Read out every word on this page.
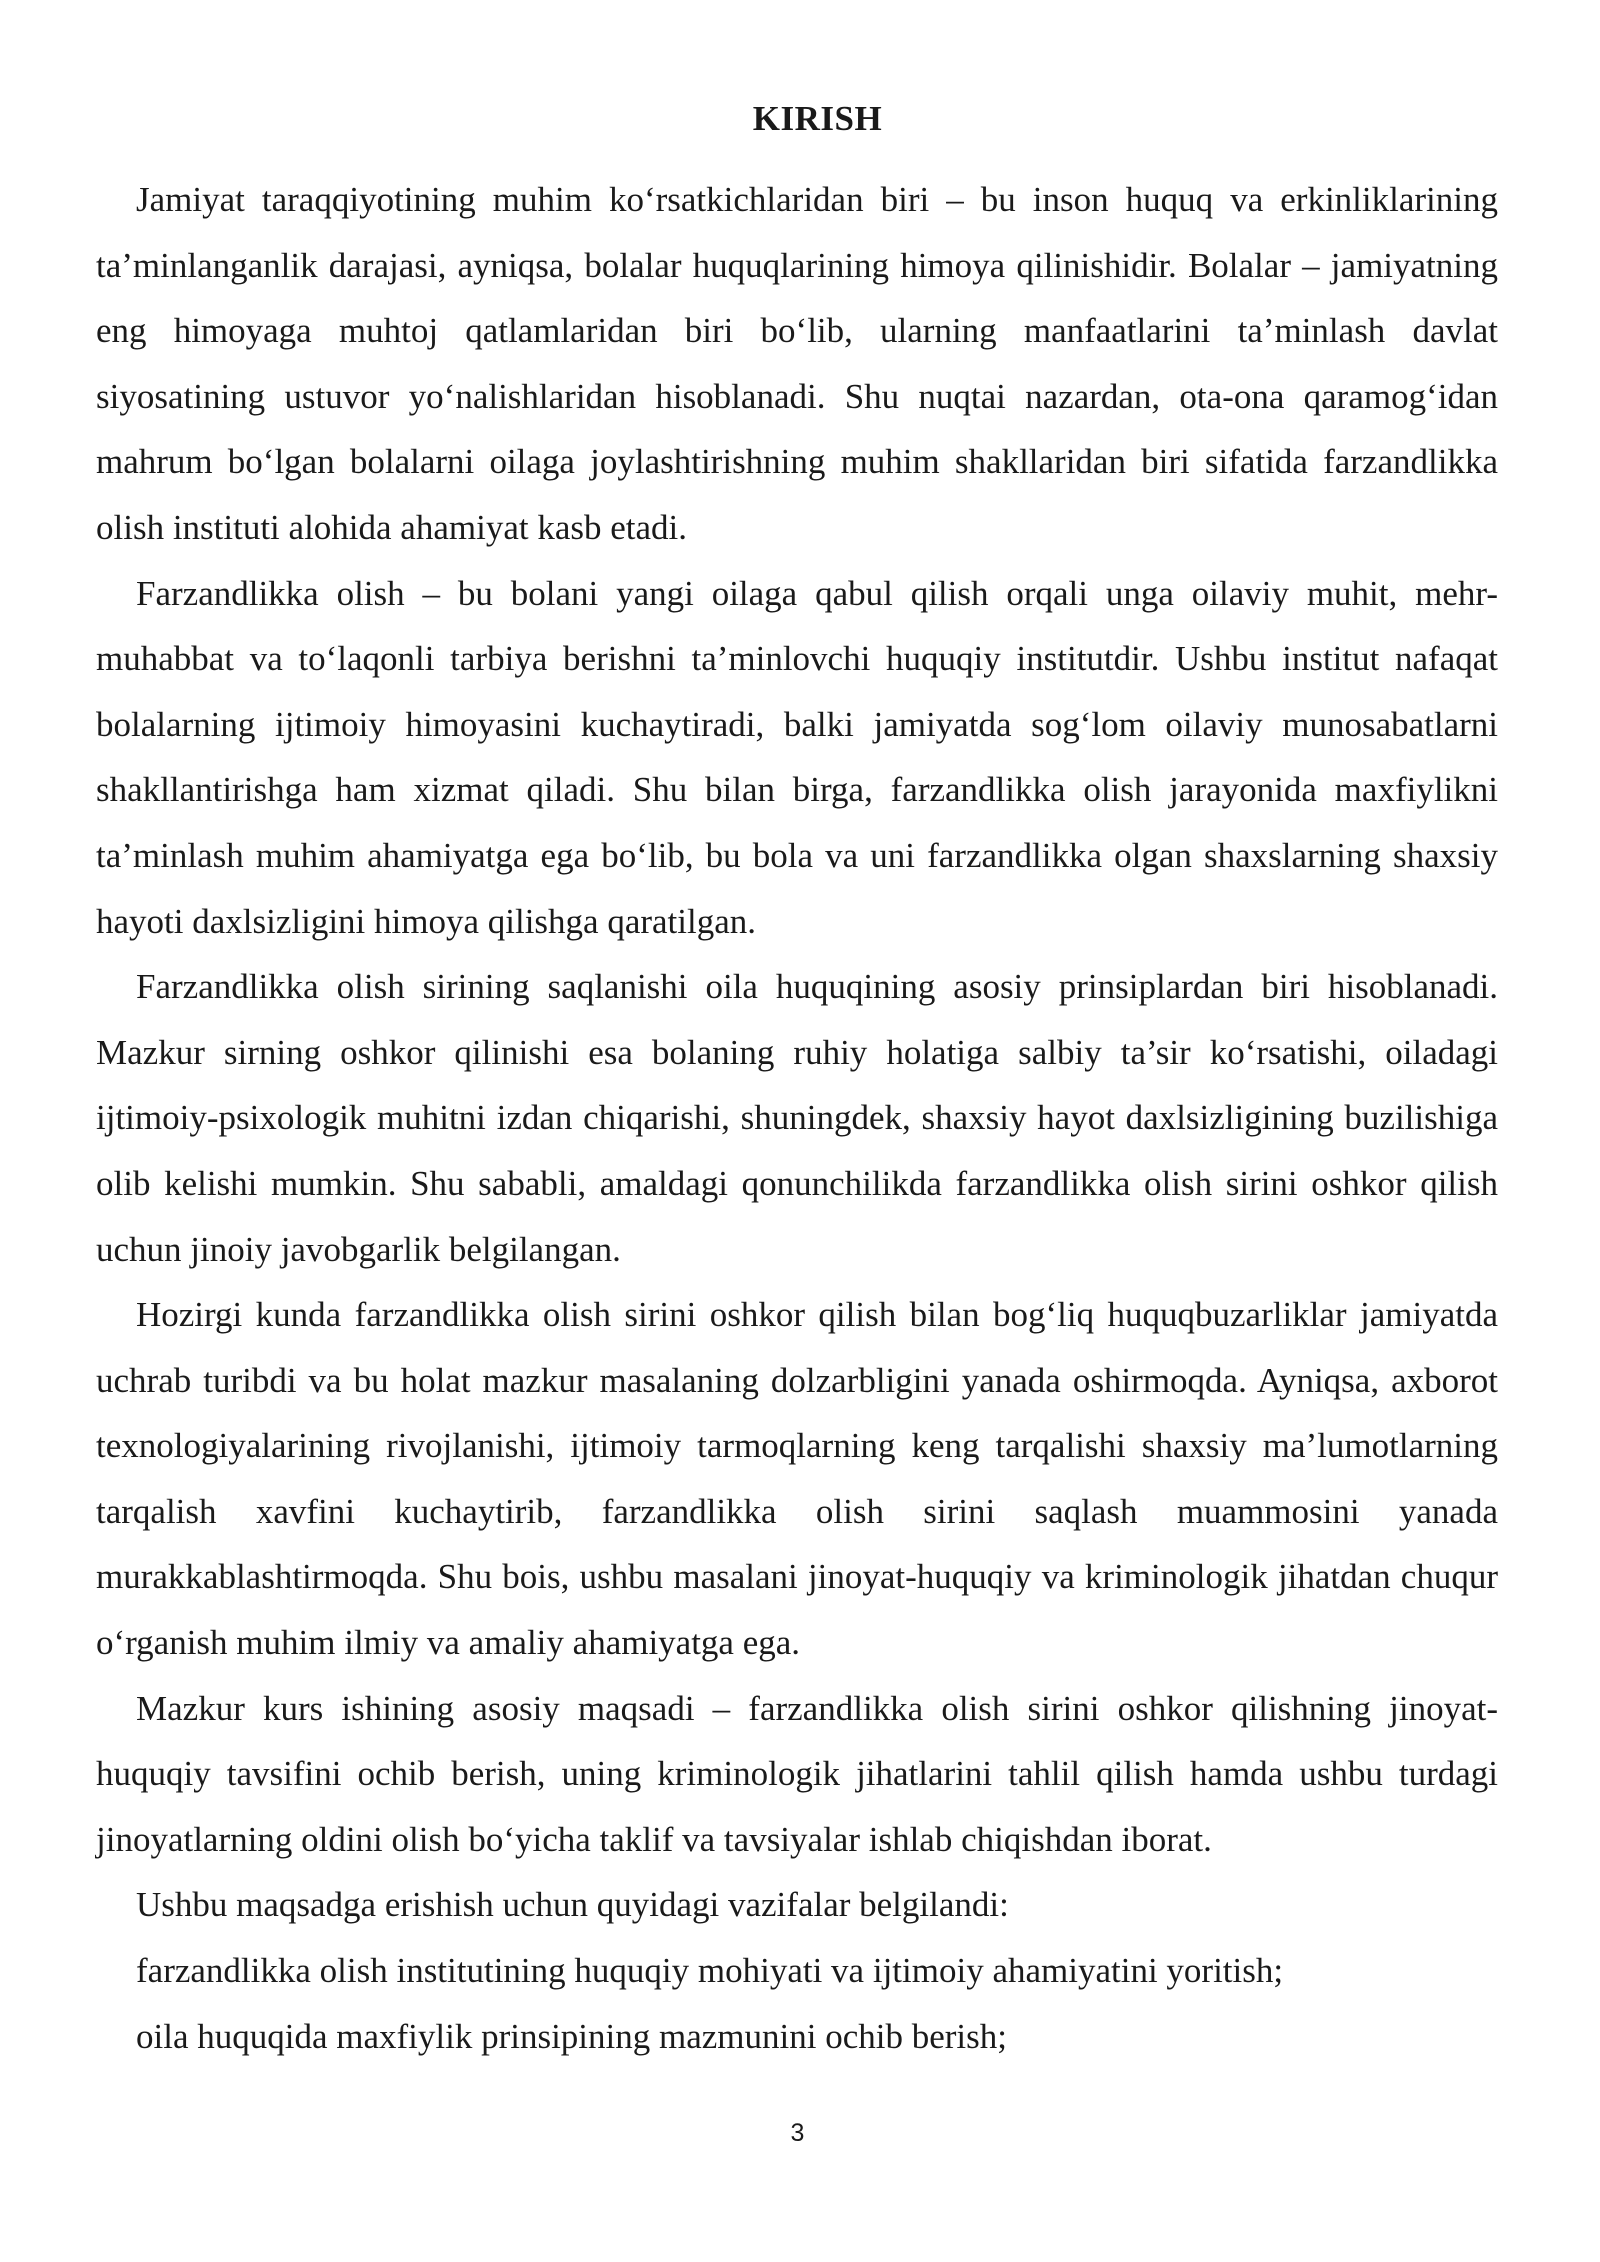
KIRISH

Jamiyat taraqqiyotining muhim ko‘rsatkichlaridan biri – bu inson huquq va erkinliklarining ta’minlanganlik darajasi, ayniqsa, bolalar huquqlarining himoya qilinishidir. Bolalar – jamiyatning eng himoyaga muhtoj qatlamlaridan biri bo‘lib, ularning manfaatlarini ta’minlash davlat siyosatining ustuvor yo‘nalishlaridan hisoblanadi. Shu nuqtai nazardan, ota-ona qaramog‘idan mahrum bo‘lgan bolalarni oilaga joylashtirishning muhim shakllaridan biri sifatida farzandlikka olish instituti alohida ahamiyat kasb etadi.

Farzandlikka olish – bu bolani yangi oilaga qabul qilish orqali unga oilaviy muhit, mehr-muhabbat va to‘laqonli tarbiya berishni ta’minlovchi huquqiy institutdir. Ushbu institut nafaqat bolalarning ijtimoiy himoyasini kuchaytiradi, balki jamiyatda sog‘lom oilaviy munosabatlarni shakllantirishga ham xizmat qiladi. Shu bilan birga, farzandlikka olish jarayonida maxfiylikni ta’minlash muhim ahamiyatga ega bo‘lib, bu bola va uni farzandlikka olgan shaxslarning shaxsiy hayoti daxlsizligini himoya qilishga qaratilgan.

Farzandlikka olish sirining saqlanishi oila huquqining asosiy prinsiplardan biri hisoblanadi. Mazkur sirning oshkor qilinishi esa bolaning ruhiy holatiga salbiy ta’sir ko‘rsatishi, oiladagi ijtimoiy-psixologik muhitni izdan chiqarishi, shuningdek, shaxsiy hayot daxlsizligining buzilishiga olib kelishi mumkin. Shu sababli, amaldagi qonunchilikda farzandlikka olish sirini oshkor qilish uchun jinoiy javobgarlik belgilangan.

Hozirgi kunda farzandlikka olish sirini oshkor qilish bilan bog‘liq huquqbuzarliklar jamiyatda uchrab turibdi va bu holat mazkur masalaning dolzarbligini yanada oshirmoqda. Ayniqsa, axborot texnologiyalarining rivojlanishi, ijtimoiy tarmoqlarning keng tarqalishi shaxsiy ma’lumotlarning tarqalish xavfini kuchaytirib, farzandlikka olish sirini saqlash muammosini yanada murakkablashtirmoqda. Shu bois, ushbu masalani jinoyat-huquqiy va kriminologik jihatdan chuqur o‘rganish muhim ilmiy va amaliy ahamiyatga ega.

Mazkur kurs ishining asosiy maqsadi – farzandlikka olish sirini oshkor qilishning jinoyat-huquqiy tavsifini ochib berish, uning kriminologik jihatlarini tahlil qilish hamda ushbu turdagi jinoyatlarning oldini olish bo‘yicha taklif va tavsiyalar ishlab chiqishdan iborat.

Ushbu maqsadga erishish uchun quyidagi vazifalar belgilandi:

farzandlikka olish institutining huquqiy mohiyati va ijtimoiy ahamiyatini yoritish;

oila huquqida maxfiylik prinsipining mazmunini ochib berish;

3
